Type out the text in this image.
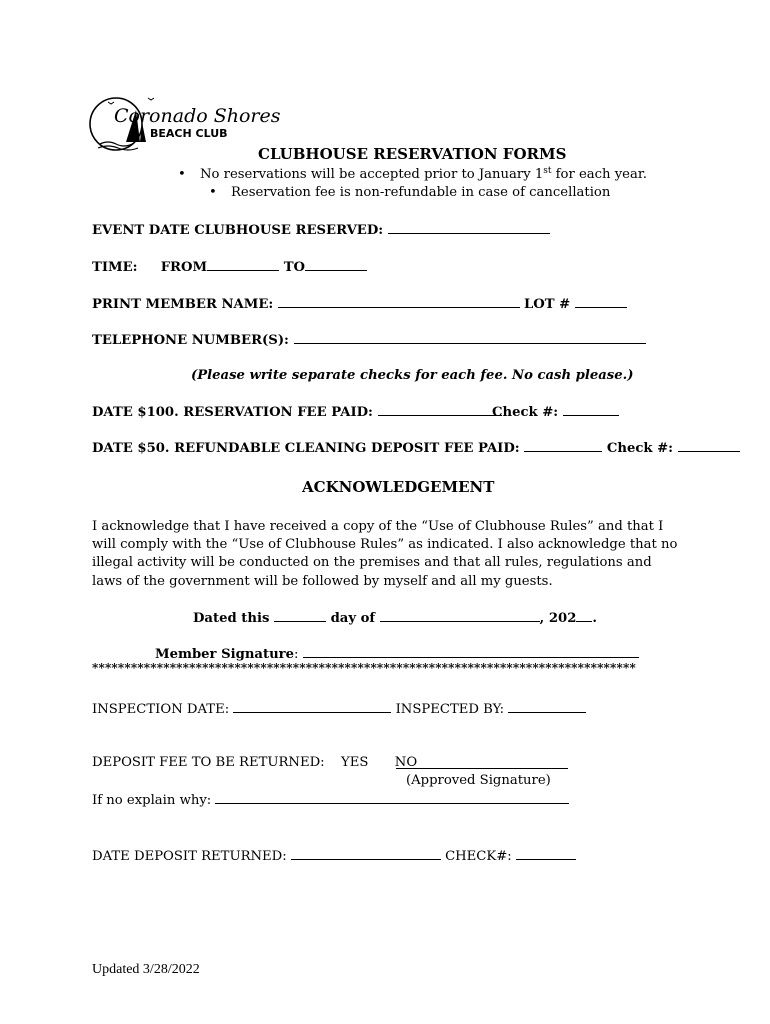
Coronado Shores
BEACH CLUB
CLUBHOUSE RESERVATION FORMS
• No reservations will be accepted prior to January 1st for each year.
• Reservation fee is non-refundable in case of cancellation
EVENT DATE CLUBHOUSE RESERVED:
TIME: FROM	TO
PRINT MEMBER NAME:	LOT #
TELEPHONE NUMBER(S):
(Please write separate checks for each fee. No cash please.)
DATE $100. RESERVATION FEE PAID:	Check #:
DATE $50. REFUNDABLE CLEANING DEPOSIT FEE PAID:	Check #:
ACKNOWLEDGEMENT
I acknowledge that I have received a copy of the “Use of Clubhouse Rules” and that I will comply with the “Use of Clubhouse Rules” as indicated. I also acknowledge that no illegal activity will be conducted on the premises and that all rules, regulations and laws of the government will be followed by myself and all my guests.
Dated this	day of	, 202 .
Member Signature:
************************************************************************************
INSPECTION DATE:	INSPECTED BY:
DEPOSIT FEE TO BE RETURNED: YES NO
(Approved Signature)
If no explain why:
DATE DEPOSIT RETURNED:	CHECK#:
Updated 3/28/2022
